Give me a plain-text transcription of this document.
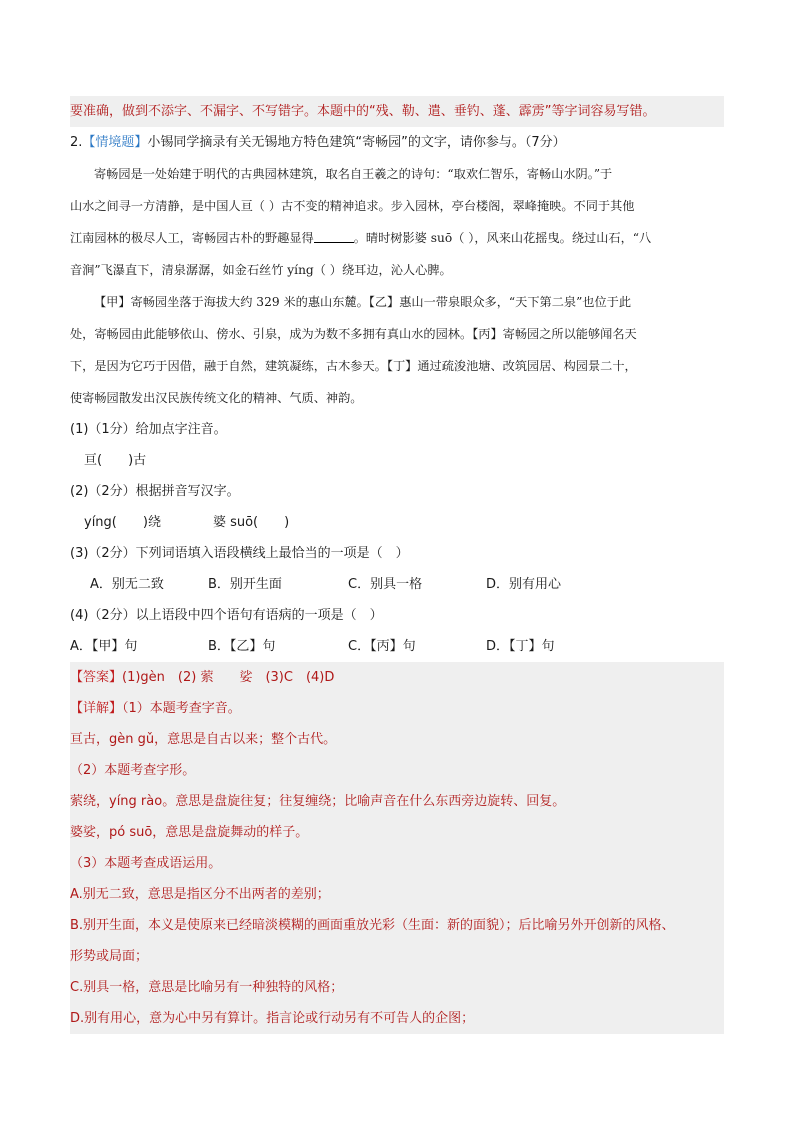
要准确，做到不添字、不漏字、不写错字。本题中的“残、勒、遣、垂钓、蓬、霹雳”等字词容易写错。
2.【情境题】小锡同学摘录有关无锡地方特色建筑“寄畅园”的文字，请你参与。（7分）
寄畅园是一处始建于明代的古典园林建筑，取名自王羲之的诗句：“取欢仁智乐，寄畅山水阴。”于
山水之间寻一方清静，是中国人亘（ ）古不变的精神追求。步入园林，亭台楼阁，翠峰掩映。不同于其他
江南园林的极尽人工，寄畅园古朴的野趣显得	。晴时树影婆 suō（ ），风来山花摇曳。绕过山石，“八
音涧”飞瀑直下，清泉潺潺，如金石丝竹 yíng（ ）绕耳边，沁人心脾。
【甲】寄畅园坐落于海拔大约 329 米的惠山东麓。【乙】惠山一带泉眼众多，“天下第二泉”也位于此
处，寄畅园由此能够依山、傍水、引泉，成为为数不多拥有真山水的园林。【丙】寄畅园之所以能够闻名天
下，是因为它巧于因借，融于自然，建筑凝练，古木参天。【丁】通过疏浚池塘、改筑园居、构园景二十，
使寄畅园散发出汉民族传统文化的精神、气质、神韵。
(1)（1分）给加点字注音。
亘(　　)古
(2)（2分）根据拼音写汉字。
yíng(　　)绕	婆 suō(　　)
(3)（2分）下列词语填入语段横线上最恰当的一项是（　）
A．别无二致	B．别开生面	C．别具一格	D．别有用心
(4)（2分）以上语段中四个语句有语病的一项是（　）
A．【甲】句	B．【乙】句	C．【丙】句	D．【丁】句
【答案】(1)gèn　(2) 萦　　娑　(3)C　(4)D
【详解】（1）本题考查字音。
亘古，gèn gǔ，意思是自古以来；整个古代。
（2）本题考查字形。
萦绕，yíng rào。意思是盘旋往复；往复缠绕；比喻声音在什么东西旁边旋转、回复。
婆娑，pó suō，意思是盘旋舞动的样子。
（3）本题考查成语运用。
A.别无二致，意思是指区分不出两者的差别；
B.别开生面，本义是使原来已经暗淡模糊的画面重放光彩（生面：新的面貌）；后比喻另外开创新的风格、
形势或局面；
C.别具一格，意思是比喻另有一种独特的风格；
D.别有用心，意为心中另有算计。指言论或行动另有不可告人的企图；
